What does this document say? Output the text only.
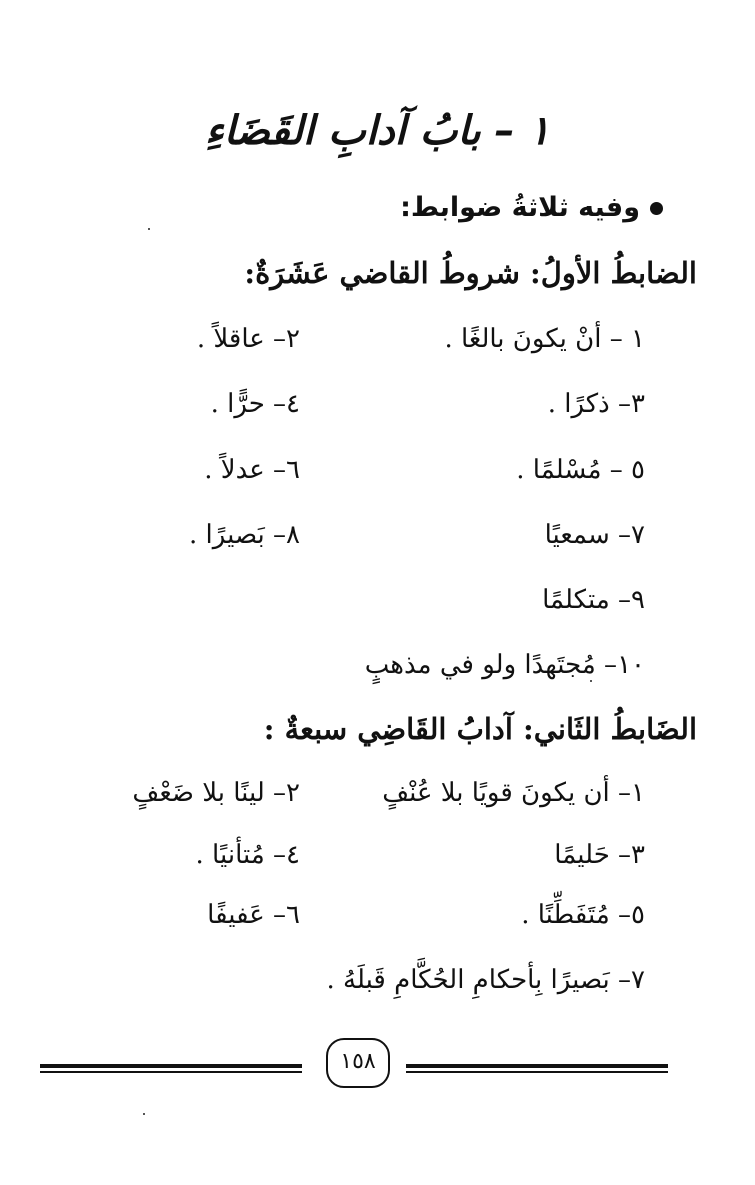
١ – بابُ آدابِ القَضَاءِ
وفيه ثلاثةُ ضوابط:
الضابطُ الأولُ: شروطُ القاضي عَشَرَةٌ:
١ – أنْ يكونَ بالغًا .
٢– عاقلاً .
٣– ذكرًا .
٤– حرًّا .
٥ – مُسْلمًا .
٦– عدلاً .
٧– سمعيًا
٨– بَصيرًا .
٩– متكلمًا
١٠– مُجتَهدًا ولو في مذهبٍ
الضَابطُ الثَاني: آدابُ القَاضِي سبعةٌ :
١– أن يكونَ قويًا بلا عُنْفٍ
٢– لينًا بلا ضَعْفٍ
٣– حَليمًا
٤– مُتأنيًا .
٥– مُتَفَطِّنًا .
٦– عَفيفًا
٧– بَصيرًا بِأحكامِ الحُكَّامِ قَبلَهُ .
١٥٨
